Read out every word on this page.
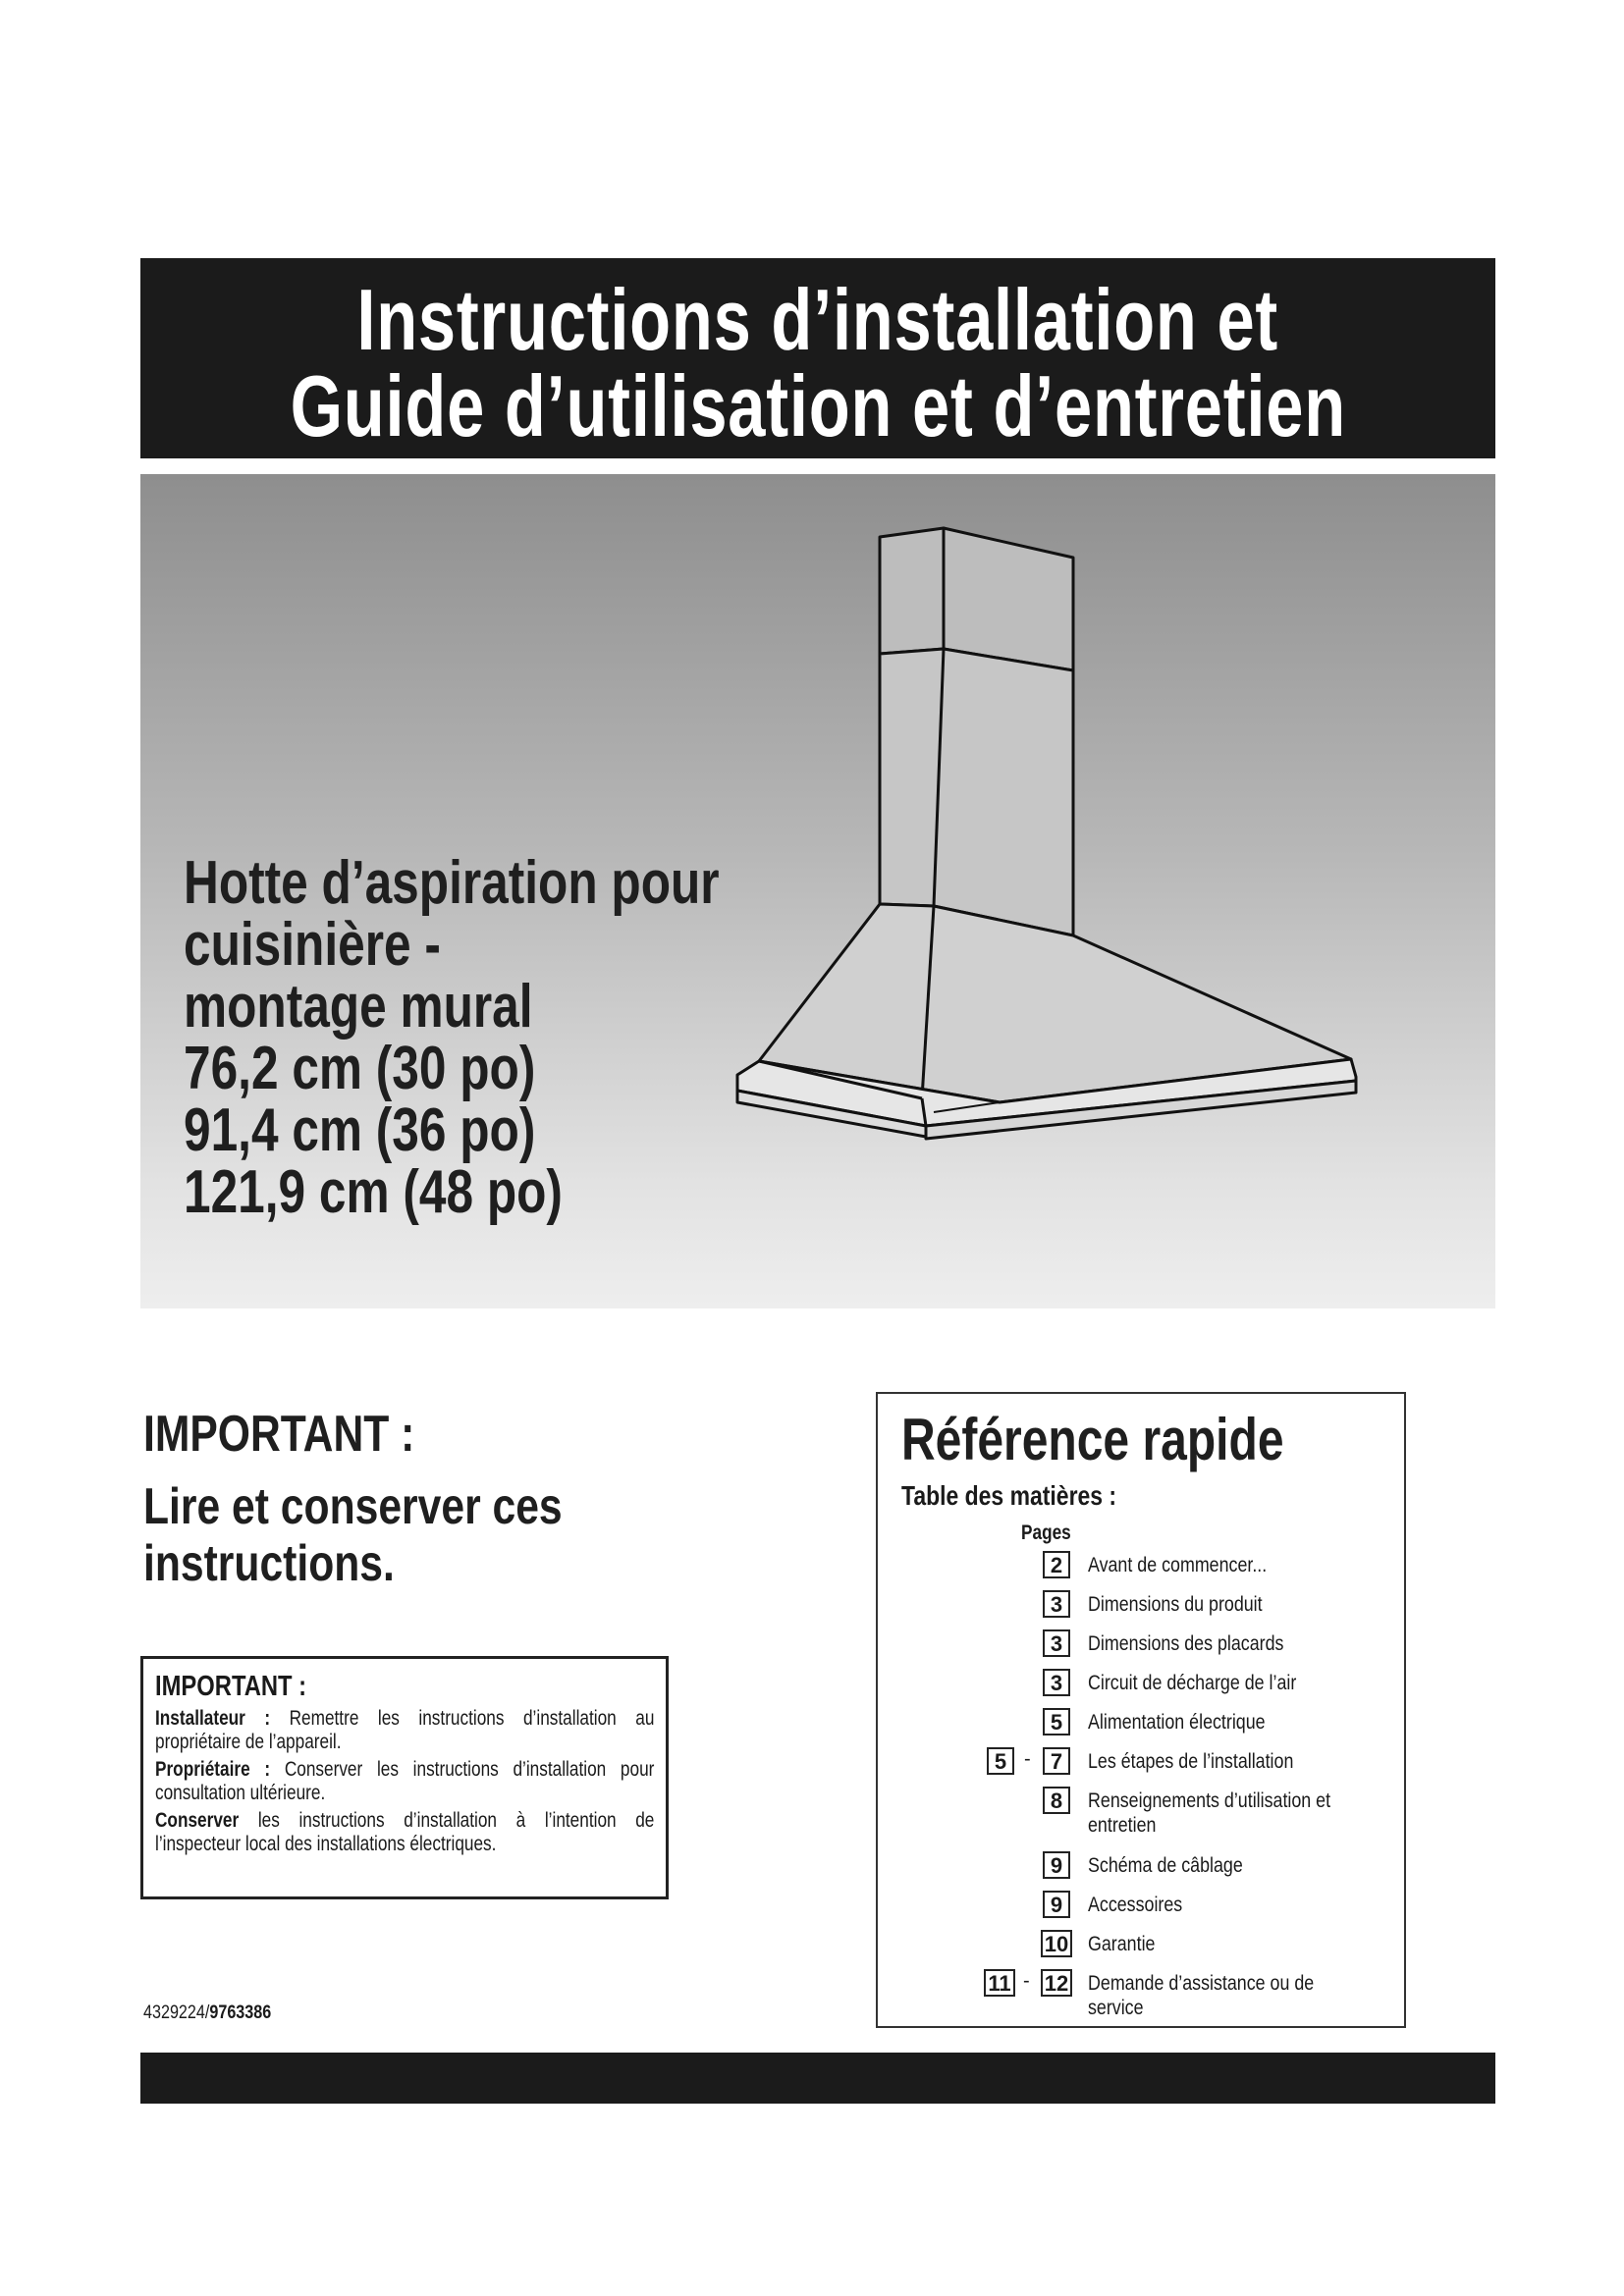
Instructions d’installation et
Guide d’utilisation et d’entretien
Hotte d’aspiration pour
cuisinière -
montage mural
76,2 cm (30 po)
91,4 cm (36 po)
121,9 cm (48 po)
IMPORTANT :
Lire et conserver ces
instructions.
IMPORTANT :
Installateur : Remettre les instructions d’installation au propriétaire de l’appareil.
Propriétaire : Conserver les instructions d’installation pour consultation ultérieure.
Conserver les instructions d’installation à l’intention de l’inspecteur local des installations électriques.
4329224/9763386
Référence rapide
Table des matières :
Pages
2	Avant de commencer...
3	Dimensions du produit
3	Dimensions des placards
3	Circuit de décharge de l’air
5	Alimentation électrique
5 - 7	Les étapes de l’installation
8	Renseignements d’utilisation et entretien
9	Schéma de câblage
9	Accessoires
10 Garantie
11 - 12 Demande d’assistance ou de service
